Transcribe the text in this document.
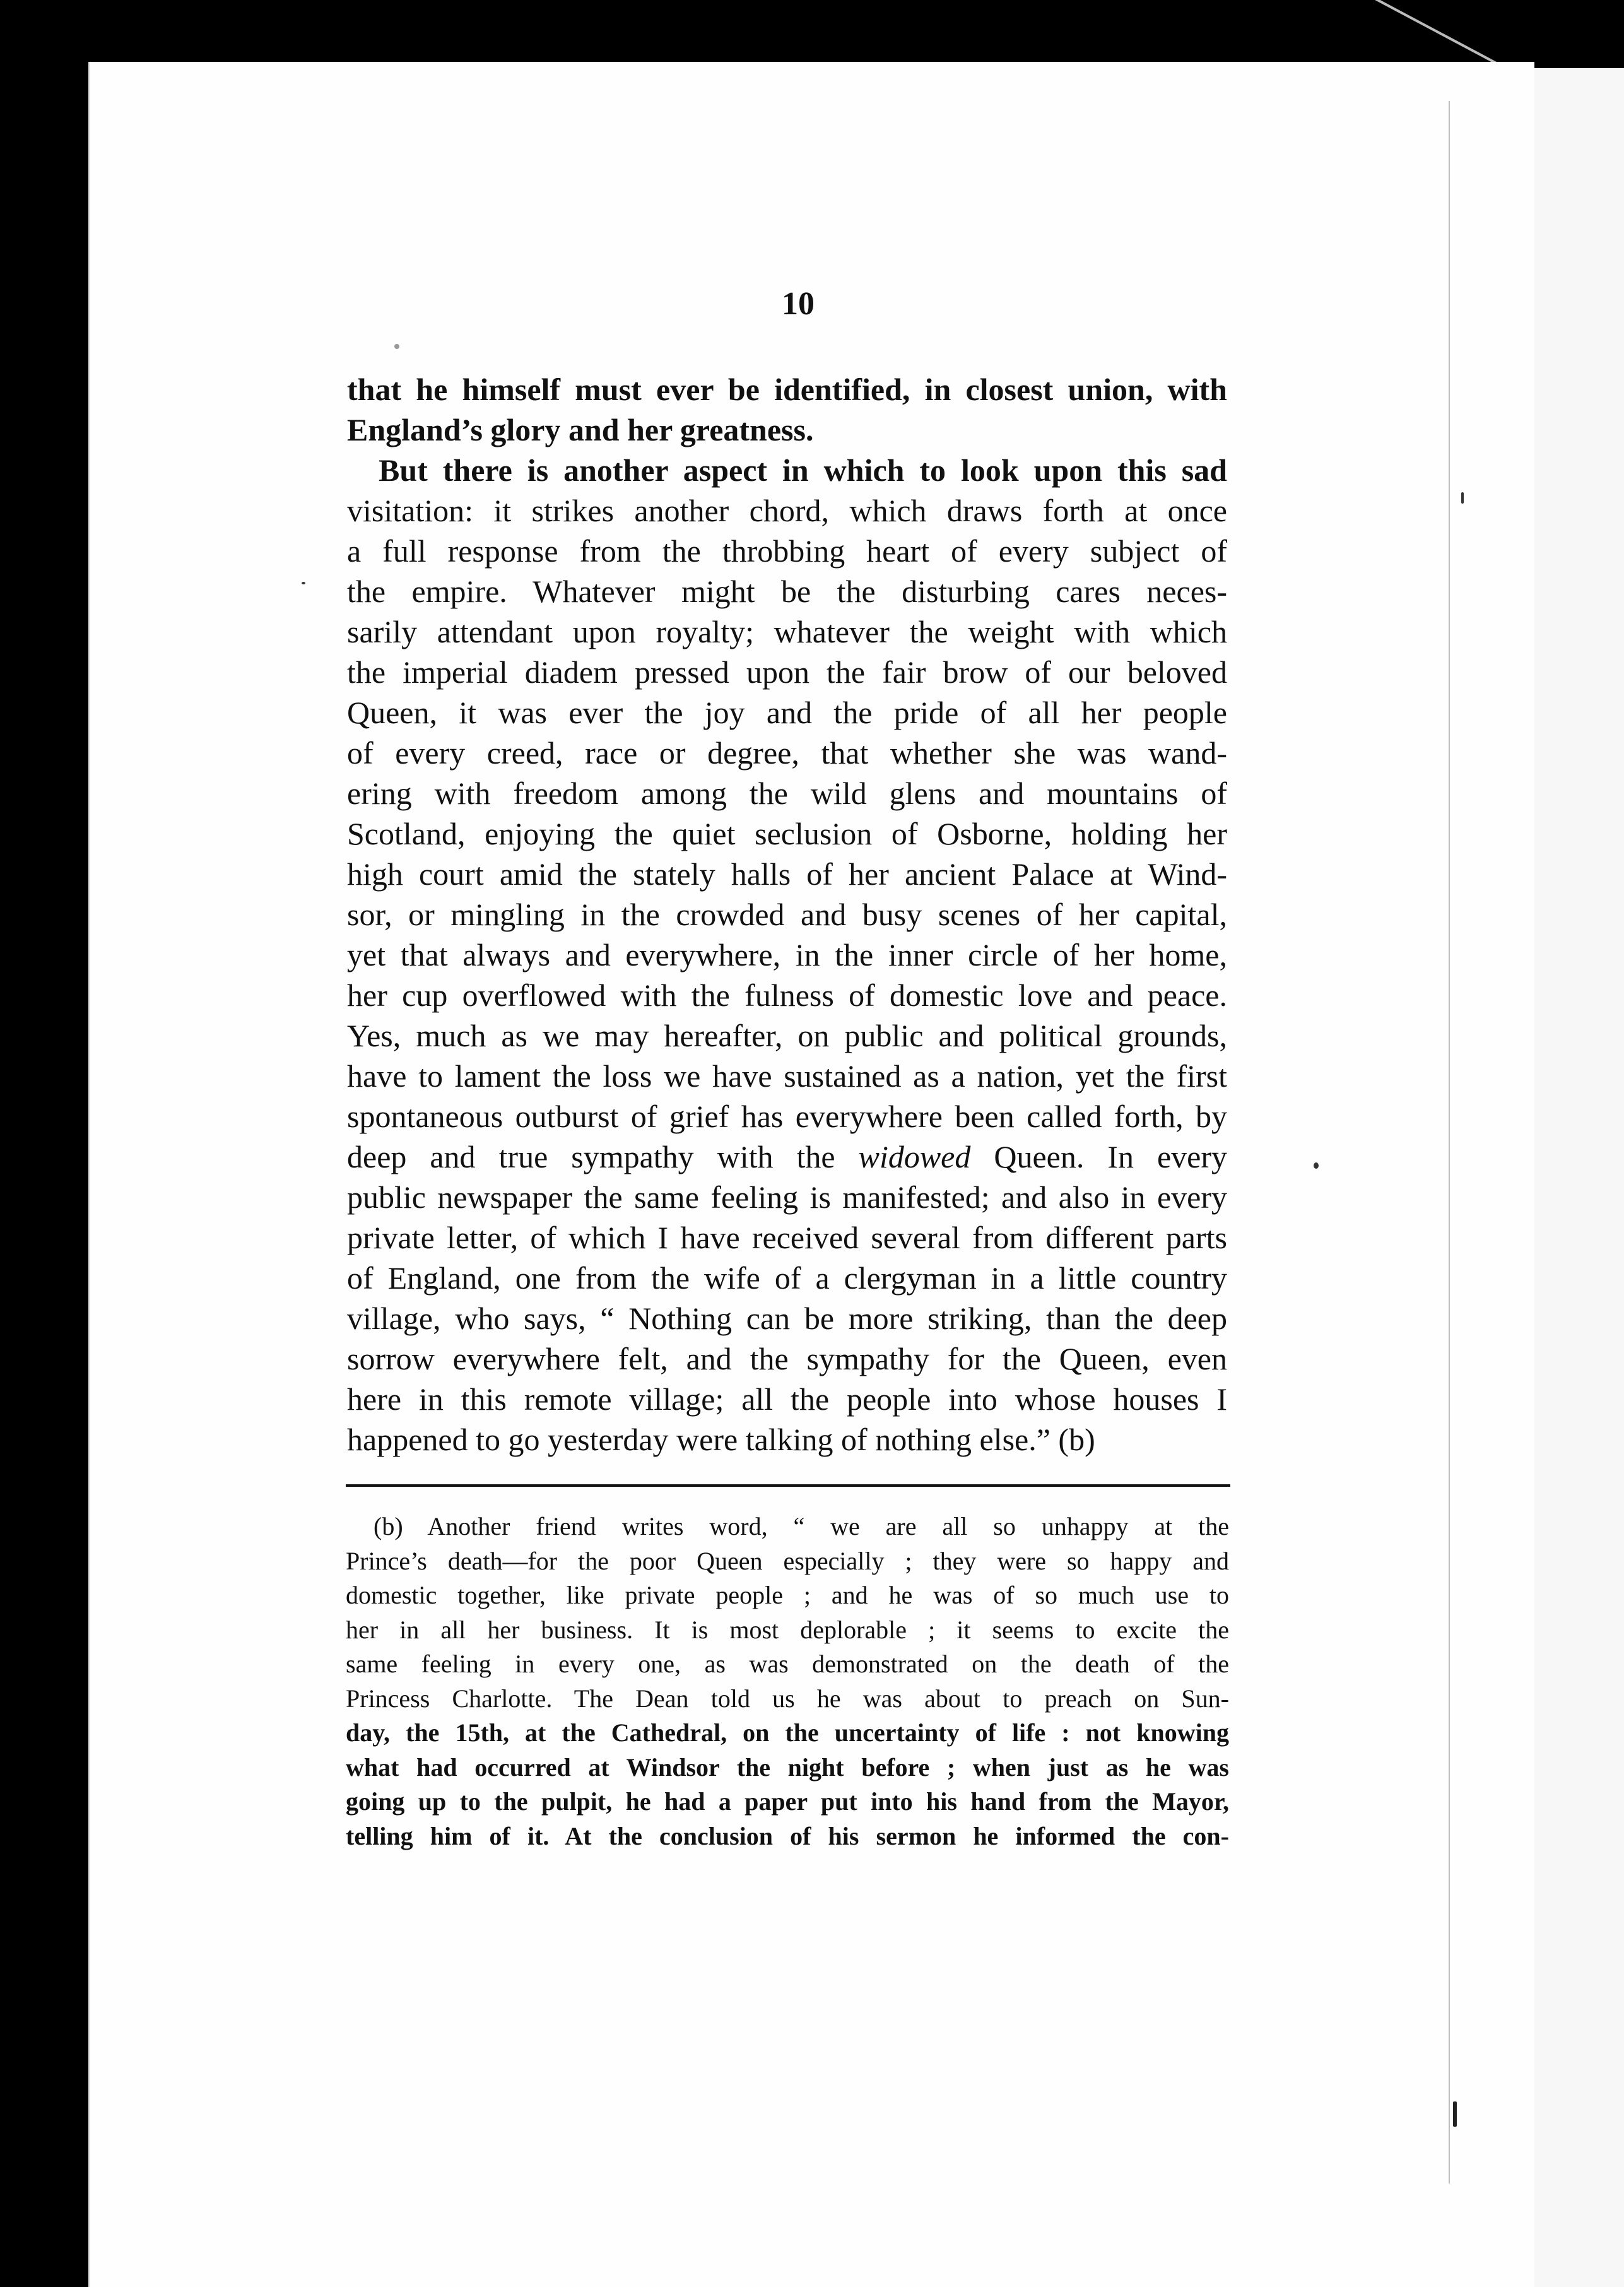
10
that he himself must ever be identified, in closest union, with
England’s glory and her greatness.
But there is another aspect in which to look upon this sad
visitation: it strikes another chord, which draws forth at once
a full response from the throbbing heart of every subject of
the empire. Whatever might be the disturbing cares neces-
sarily attendant upon royalty; whatever the weight with which
the imperial diadem pressed upon the fair brow of our beloved
Queen, it was ever the joy and the pride of all her people
of every creed, race or degree, that whether she was wand-
ering with freedom among the wild glens and mountains of
Scotland, enjoying the quiet seclusion of Osborne, holding her
high court amid the stately halls of her ancient Palace at Wind-
sor, or mingling in the crowded and busy scenes of her capital,
yet that always and everywhere, in the inner circle of her home,
her cup overflowed with the fulness of domestic love and peace.
Yes, much as we may hereafter, on public and political grounds,
have to lament the loss we have sustained as a nation, yet the first
spontaneous outburst of grief has everywhere been called forth, by
deep and true sympathy with the widowed Queen. In every
public newspaper the same feeling is manifested; and also in every
private letter, of which I have received several from different parts
of England, one from the wife of a clergyman in a little country
village, who says, “ Nothing can be more striking, than the deep
sorrow everywhere felt, and the sympathy for the Queen, even
here in this remote village; all the people into whose houses I
happened to go yesterday were talking of nothing else.” (b)
(b) Another friend writes word, “ we are all so unhappy at the
Prince’s death—for the poor Queen especially ; they were so happy and
domestic together, like private people ; and he was of so much use to
her in all her business. It is most deplorable ; it seems to excite the
same feeling in every one, as was demonstrated on the death of the
Princess Charlotte. The Dean told us he was about to preach on Sun-
day, the 15th, at the Cathedral, on the uncertainty of life : not knowing
what had occurred at Windsor the night before ; when just as he was
going up to the pulpit, he had a paper put into his hand from the Mayor,
telling him of it. At the conclusion of his sermon he informed the con-
